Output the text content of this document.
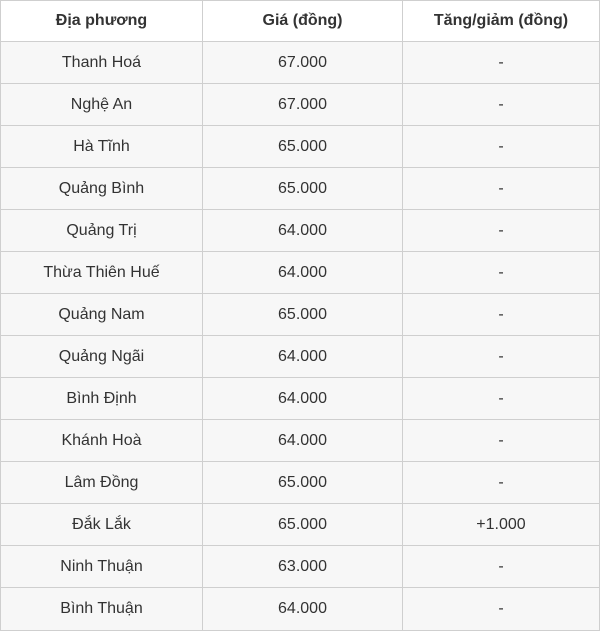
Địa phương	Giá (đồng)	Tăng/giảm (đồng)
Thanh Hoá	67.000	-
Nghệ An	67.000	-
Hà Tĩnh	65.000	-
Quảng Bình	65.000	-
Quảng Trị	64.000	-
Thừa Thiên Huế	64.000	-
Quảng Nam	65.000	-
Quảng Ngãi	64.000	-
Bình Định	64.000	-
Khánh Hoà	64.000	-
Lâm Đồng	65.000	-
Đắk Lắk	65.000	+1.000
Ninh Thuận	63.000	-
Bình Thuận	64.000	-
